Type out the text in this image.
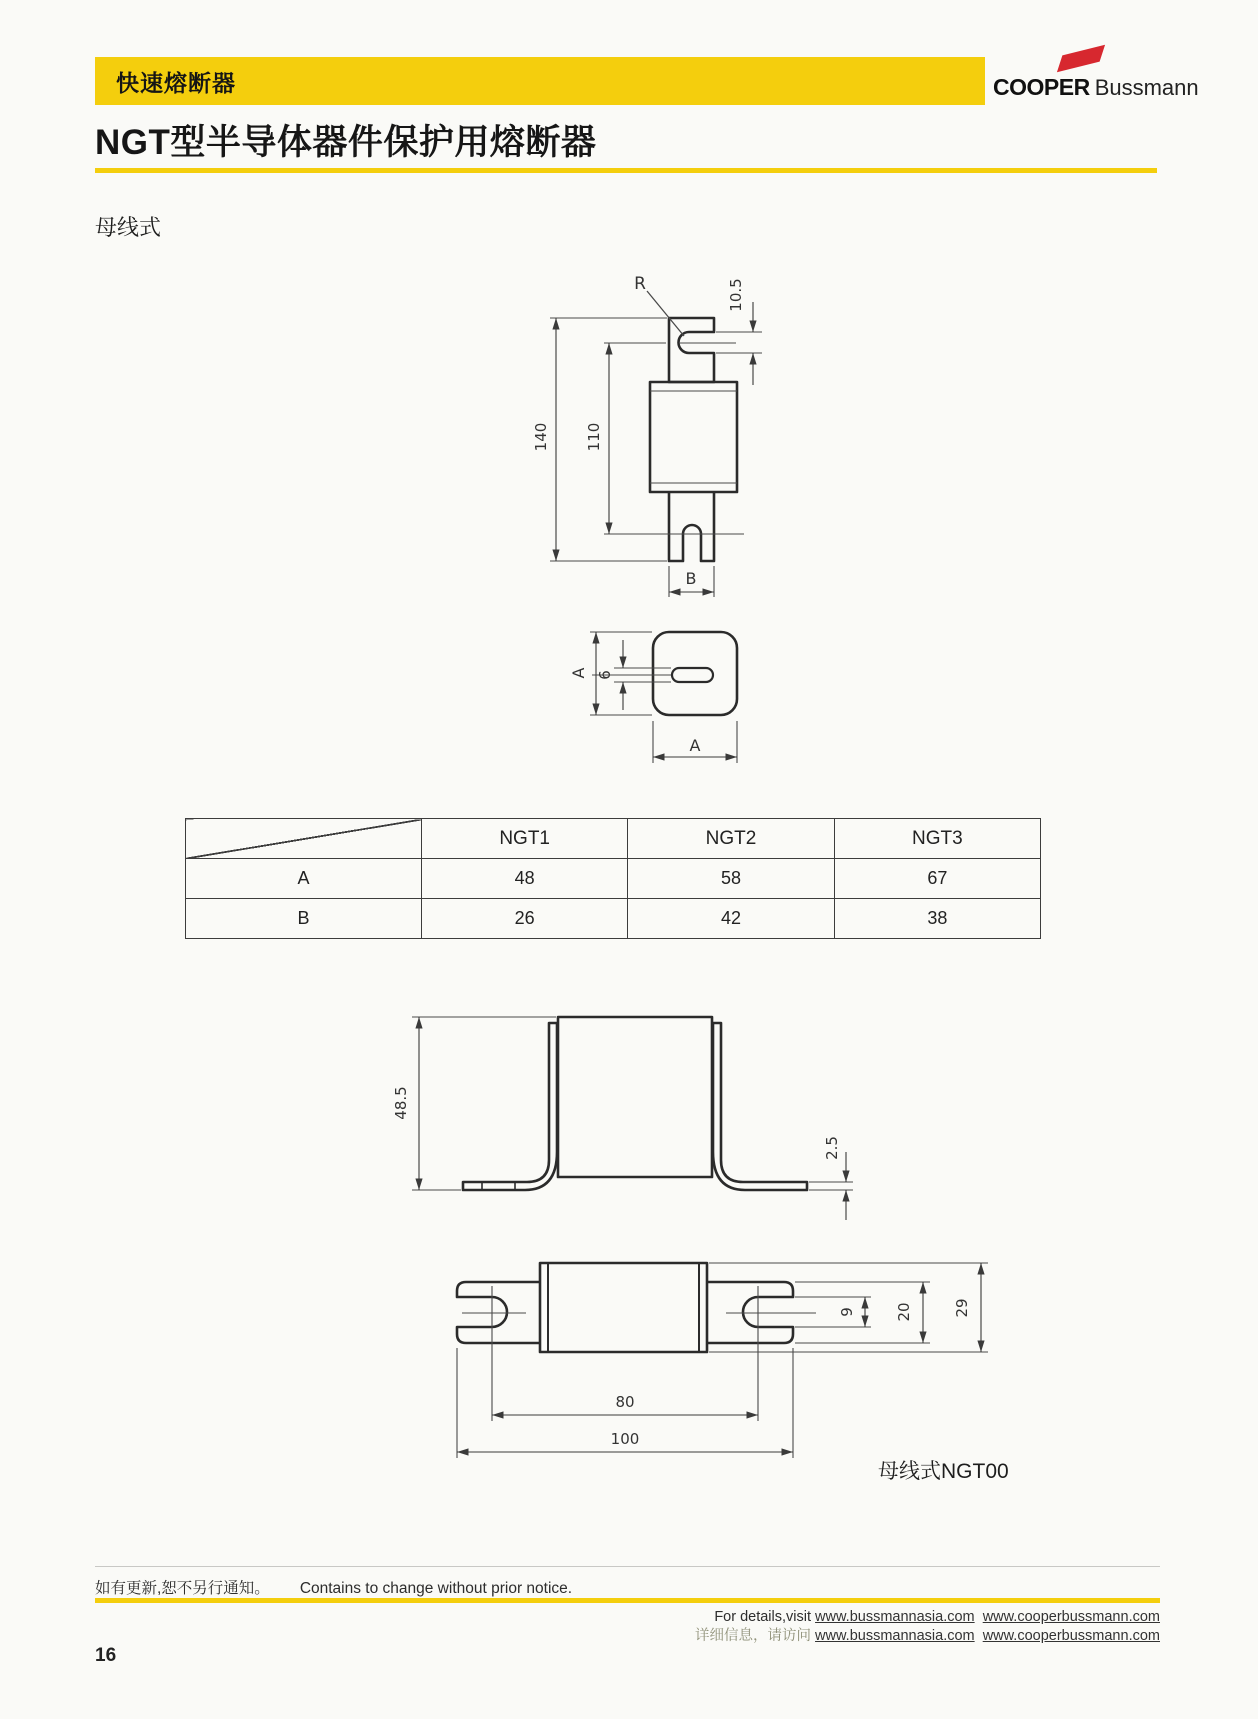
快速熔断器	COOPER Bussmann
NGT型半导体器件保护用熔断器
母线式
R	10.5
140 110
B
A 6
A
48.5
2.5
9	20	29
80
100
	NGT1	NGT2	NGT3
A	48	58	67
B	26	42	38
母线式NGT00
如有更新,恕不另行通知。 Contains to change without prior notice.
For details,visit www.bussmannasia.com www.cooperbussmann.com
详细信息，请访问 www.bussmannasia.com www.cooperbussmann.com
16
